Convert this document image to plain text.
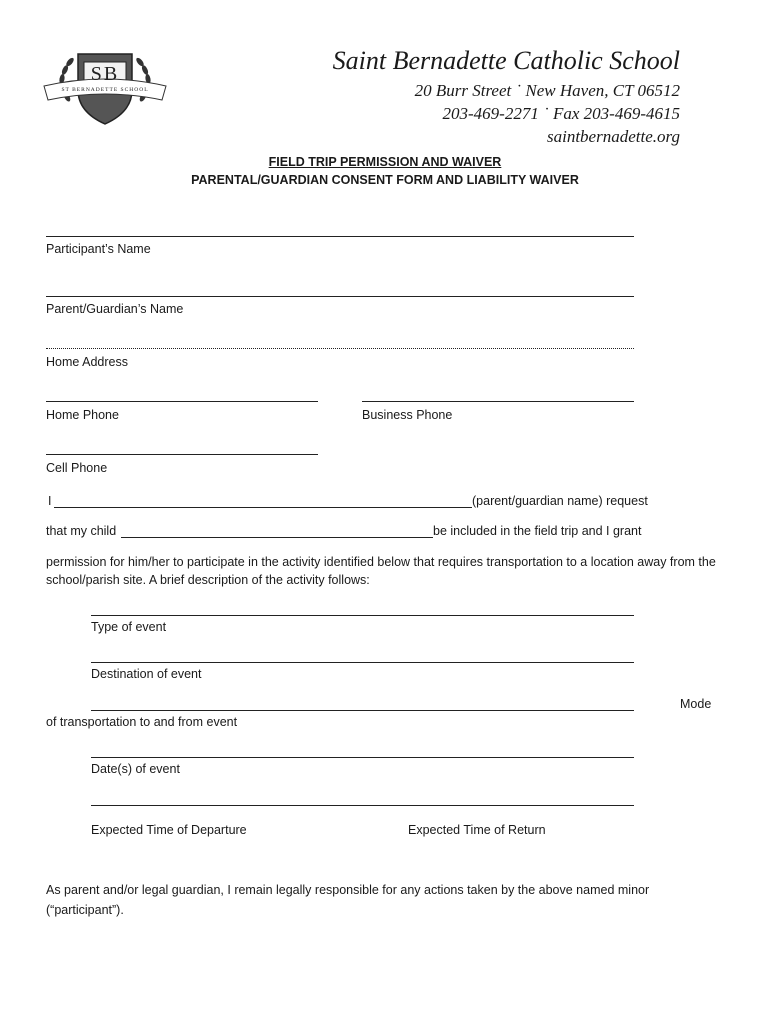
SB
ST BERNADETTE SCHOOL
Saint Bernadette Catholic School
20 Burr Street ˙ New Haven, CT 06512
203-469-2271 ˙ Fax 203-469-4615
saintbernadette.org
FIELD TRIP PERMISSION AND WAIVER
PARENTAL/GUARDIAN CONSENT FORM AND LIABILITY WAIVER
Participant’s Name
Parent/Guardian’s Name
Home Address
Home Phone	Business Phone
Cell Phone
I	(parent/guardian name) request
that my child	be included in the field trip and I grant
permission for him/her to participate in the activity identified below that requires transportation to a location away from the school/parish site. A brief description of the activity follows:
Type of event
Destination of event
Mode
of transportation to and from event
Date(s) of event
Expected Time of Departure	Expected Time of Return
As parent and/or legal guardian, I remain legally responsible for any actions taken by the above named minor (“participant”).
